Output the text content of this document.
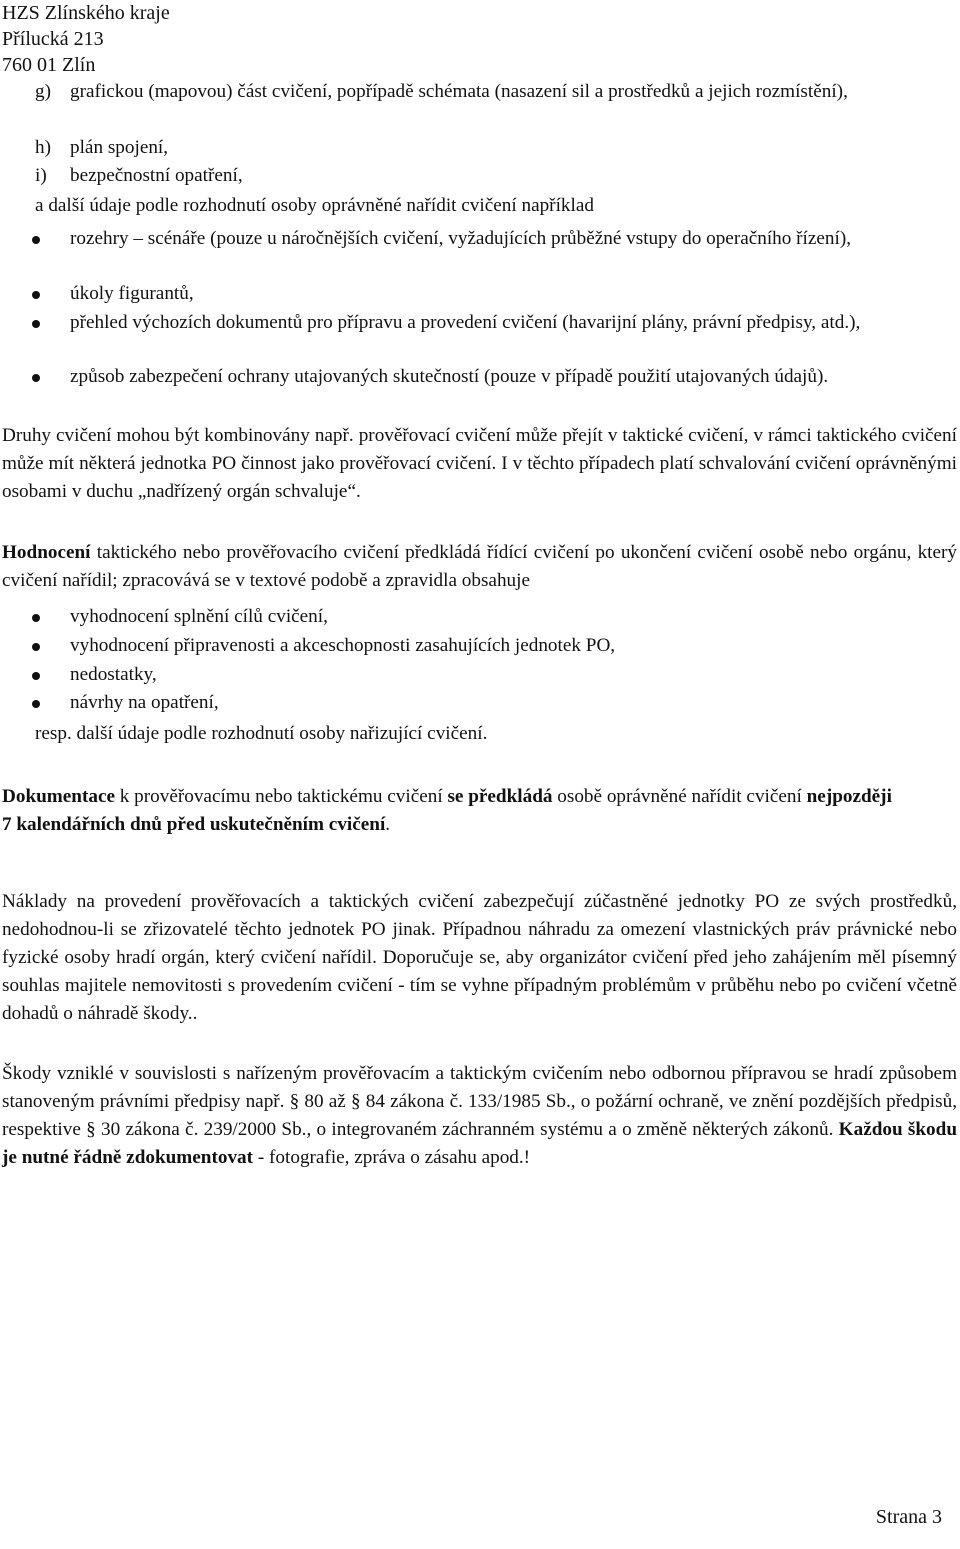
HZS Zlínského kraje
Přílucká 213
760 01 Zlín
g) grafickou (mapovou) část cvičení, popřípadě schémata (nasazení sil a prostředků a jejich rozmístění),

h) plán spojení,

i) bezpečnostní opatření,

a další údaje podle rozhodnutí osoby oprávněné nařídit cvičení například

rozehry – scénáře (pouze u náročnějších cvičení, vyžadujících průběžné vstupy do operačního řízení),

úkoly figurantů,

přehled výchozích dokumentů pro přípravu a provedení cvičení (havarijní plány, právní předpisy, atd.),

způsob zabezpečení ochrany utajovaných skutečností (pouze v případě použití utajovaných údajů).

Druhy cvičení mohou být kombinovány např. prověřovací cvičení může přejít v taktické cvičení, v rámci taktického cvičení může mít některá jednotka PO činnost jako prověřovací cvičení. I v těchto případech platí schvalování cvičení oprávněnými osobami v duchu „nadřízený orgán schvaluje“.

Hodnocení taktického nebo prověřovacího cvičení předkládá řídící cvičení po ukončení cvičení osobě nebo orgánu, který cvičení nařídil; zpracovává se v textové podobě a zpravidla obsahuje

vyhodnocení splnění cílů cvičení,

vyhodnocení připravenosti a akceschopnosti zasahujících jednotek PO,

nedostatky,

návrhy na opatření,

resp. další údaje podle rozhodnutí osoby nařizující cvičení.

Dokumentace k prověřovacímu nebo taktickému cvičení se předkládá osobě oprávněné nařídit cvičení nejpozději 7 kalendářních dnů před uskutečněním cvičení.

Náklady na provedení prověřovacích a taktických cvičení zabezpečují zúčastněné jednotky PO ze svých prostředků, nedohodnou-li se zřizovatelé těchto jednotek PO jinak. Případnou náhradu za omezení vlastnických práv právnické nebo fyzické osoby hradí orgán, který cvičení nařídil. Doporučuje se, aby organizátor cvičení před jeho zahájením měl písemný souhlas majitele nemovitosti s provedením cvičení - tím se vyhne případným problémům v průběhu nebo po cvičení včetně dohadů o náhradě škody..

Škody vzniklé v souvislosti s nařízeným prověřovacím a taktickým cvičením nebo odbornou přípravou se hradí způsobem stanoveným právními předpisy např. § 80 až § 84 zákona č. 133/1985 Sb., o požární ochraně, ve znění pozdějších předpisů, respektive § 30 zákona č. 239/2000 Sb., o integrovaném záchranném systému a o změně některých zákonů. Každou škodu je nutné řádně zdokumentovat - fotografie, zpráva o zásahu apod.!

Strana 3
